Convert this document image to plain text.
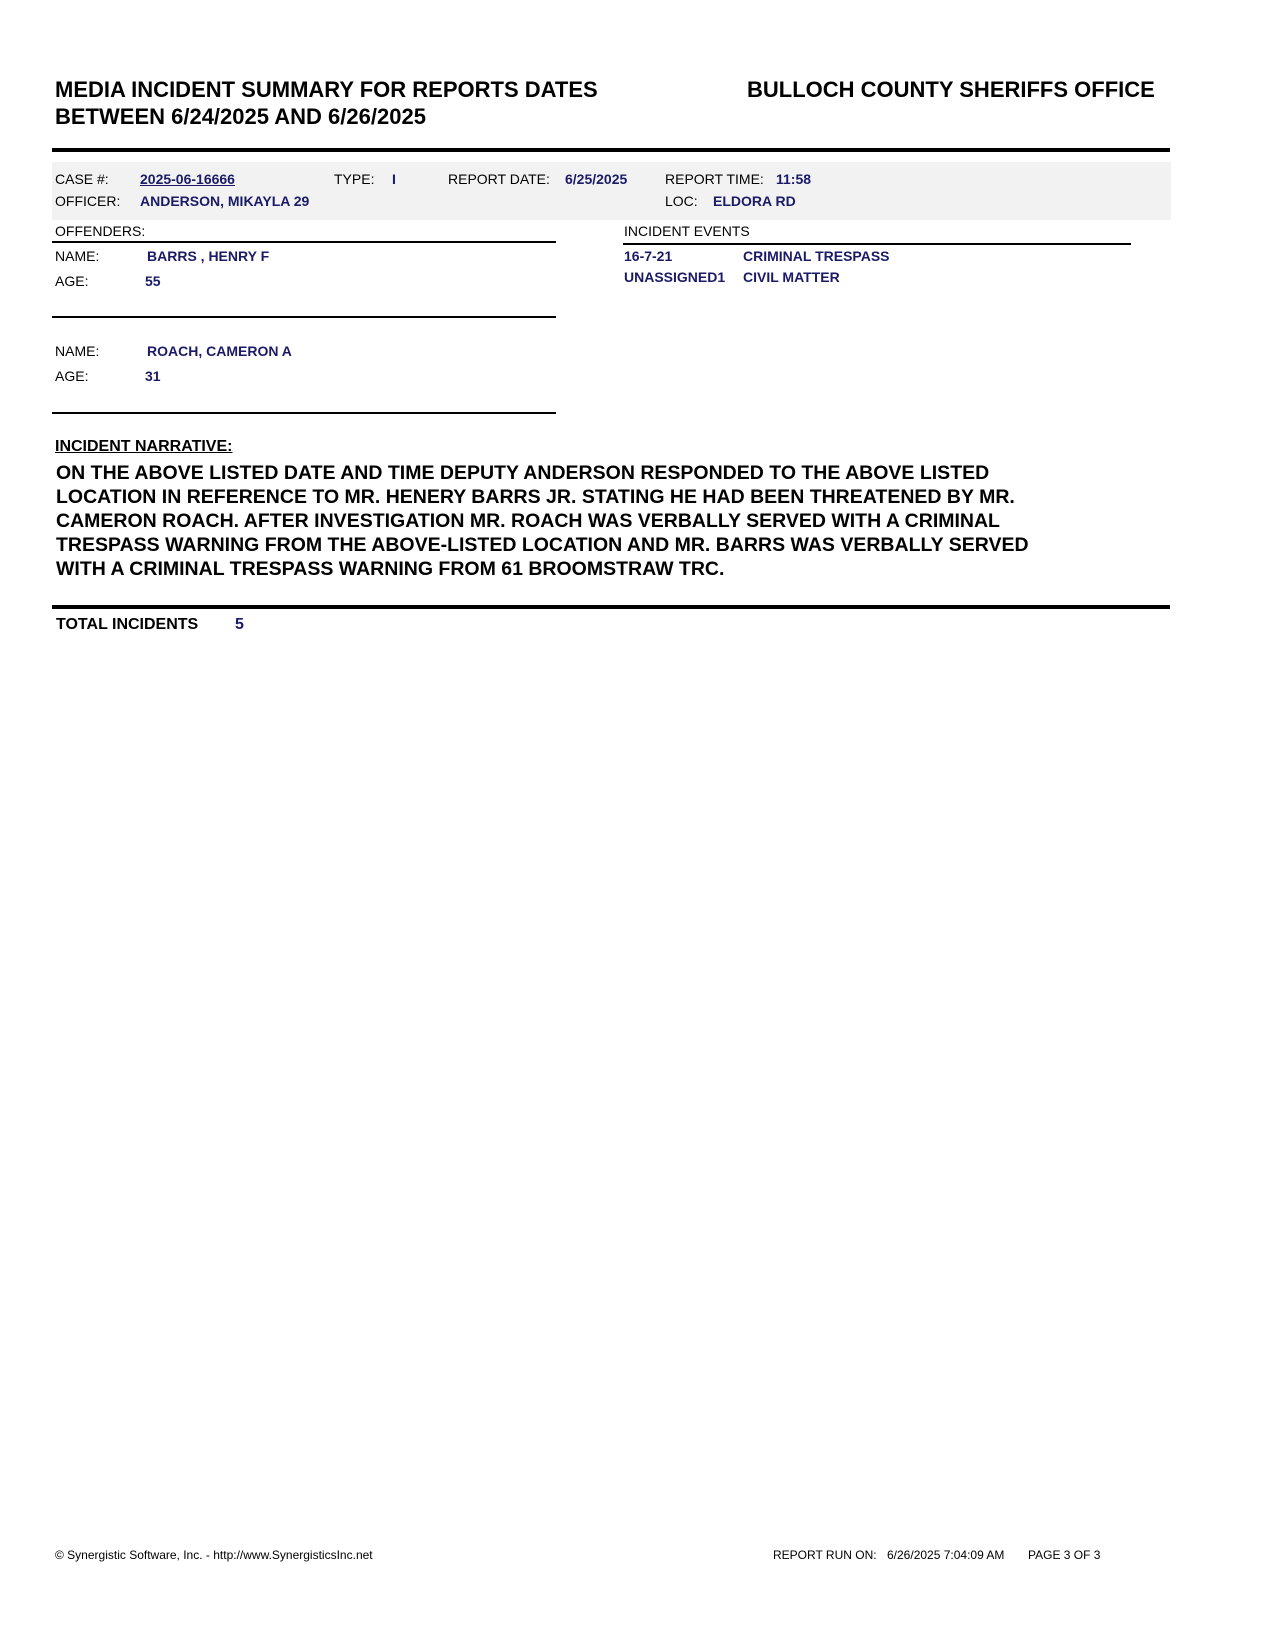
MEDIA INCIDENT SUMMARY FOR REPORTS DATES
BETWEEN 6/24/2025 AND 6/26/2025
BULLOCH COUNTY SHERIFFS OFFICE
CASE #: 2025-06-16666	TYPE: I	REPORT DATE: 6/25/2025	REPORT TIME: 11:58
OFFICER: ANDERSON, MIKAYLA 29	LOC: ELDORA RD
OFFENDERS:
NAME:	BARRS , HENRY F
AGE:	55
NAME:	ROACH, CAMERON A
AGE:	31
INCIDENT EVENTS
16-7-21	CRIMINAL TRESPASS
UNASSIGNED1 CIVIL MATTER
INCIDENT NARRATIVE:
ON THE ABOVE LISTED DATE AND TIME DEPUTY ANDERSON RESPONDED TO THE ABOVE LISTED
LOCATION IN REFERENCE TO MR. HENERY BARRS JR. STATING HE HAD BEEN THREATENED BY MR.
CAMERON ROACH. AFTER INVESTIGATION MR. ROACH WAS VERBALLY SERVED WITH A CRIMINAL
TRESPASS WARNING FROM THE ABOVE-LISTED LOCATION AND MR. BARRS WAS VERBALLY SERVED
WITH A CRIMINAL TRESPASS WARNING FROM 61 BROOMSTRAW TRC.
TOTAL INCIDENTS 5
© Synergistic Software, Inc. - http://www.SynergisticsInc.net	REPORT RUN ON: 6/26/2025 7:04:09 AM PAGE 3 OF 3
